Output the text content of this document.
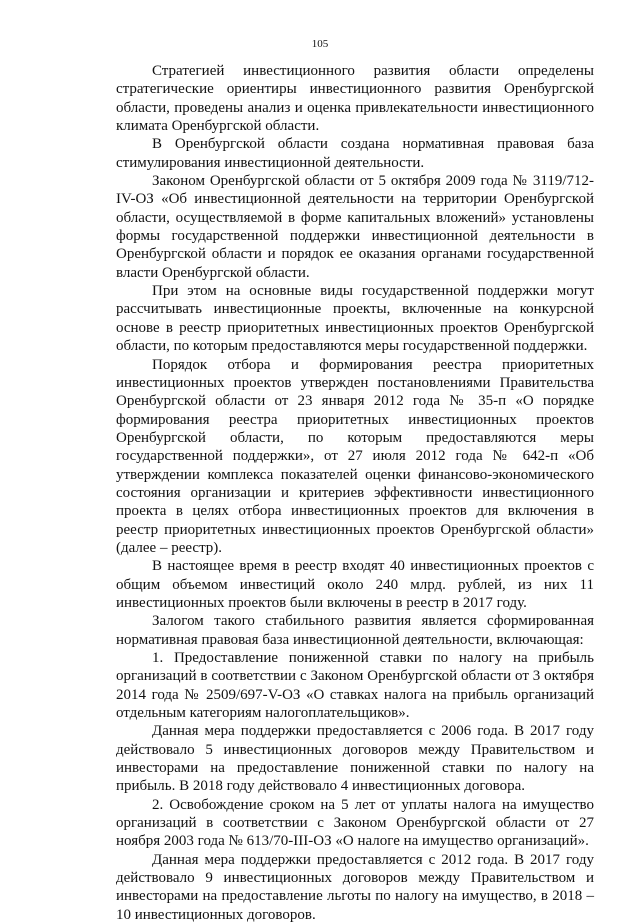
105

Стратегией инвестиционного развития области определены стратегические ориентиры инвестиционного развития Оренбургской области, проведены анализ и оценка привлекательности инвестиционного климата Оренбургской области.

В Оренбургской области создана нормативная правовая база стимулирования инвестиционной деятельности.

Законом Оренбургской области от 5 октября 2009 года № 3119/712-IV-ОЗ «Об инвестиционной деятельности на территории Оренбургской области, осуществляемой в форме капитальных вложений» установлены формы государственной поддержки инвестиционной деятельности в Оренбургской области и порядок ее оказания органами государственной власти Оренбургской области.

При этом на основные виды государственной поддержки могут рассчитывать инвестиционные проекты, включенные на конкурсной основе в реестр приоритетных инвестиционных проектов Оренбургской области, по которым предоставляются меры государственной поддержки.

Порядок отбора и формирования реестра приоритетных инвестиционных проектов утвержден постановлениями Правительства Оренбургской области от 23 января 2012 года № 35-п «О порядке формирования реестра приоритетных инвестиционных проектов Оренбургской области, по которым предоставляются меры государственной поддержки», от 27 июля 2012 года № 642-п «Об утверждении комплекса показателей оценки финансово-экономического состояния организации и критериев эффективности инвестиционного проекта в целях отбора инвестиционных проектов для включения в реестр приоритетных инвестиционных проектов Оренбургской области» (далее – реестр).

В настоящее время в реестр входят 40 инвестиционных проектов с общим объемом инвестиций около 240 млрд. рублей, из них 11 инвестиционных проектов были включены в реестр в 2017 году.

Залогом такого стабильного развития является сформированная нормативная правовая база инвестиционной деятельности, включающая:

1. Предоставление пониженной ставки по налогу на прибыль организаций в соответствии с Законом Оренбургской области от 3 октября 2014 года № 2509/697-V-ОЗ «О ставках налога на прибыль организаций отдельным категориям налогоплательщиков».

Данная мера поддержки предоставляется с 2006 года. В 2017 году действовало 5 инвестиционных договоров между Правительством и инвесторами на предоставление пониженной ставки по налогу на прибыль. В 2018 году действовало 4 инвестиционных договора.

2. Освобождение сроком на 5 лет от уплаты налога на имущество организаций в соответствии с Законом Оренбургской области от 27 ноября 2003 года № 613/70-III-ОЗ «О налоге на имущество организаций».

Данная мера поддержки предоставляется с 2012 года. В 2017 году действовало 9 инвестиционных договоров между Правительством и инвесторами на предоставление льготы по налогу на имущество, в 2018 – 10 инвестиционных договоров.
